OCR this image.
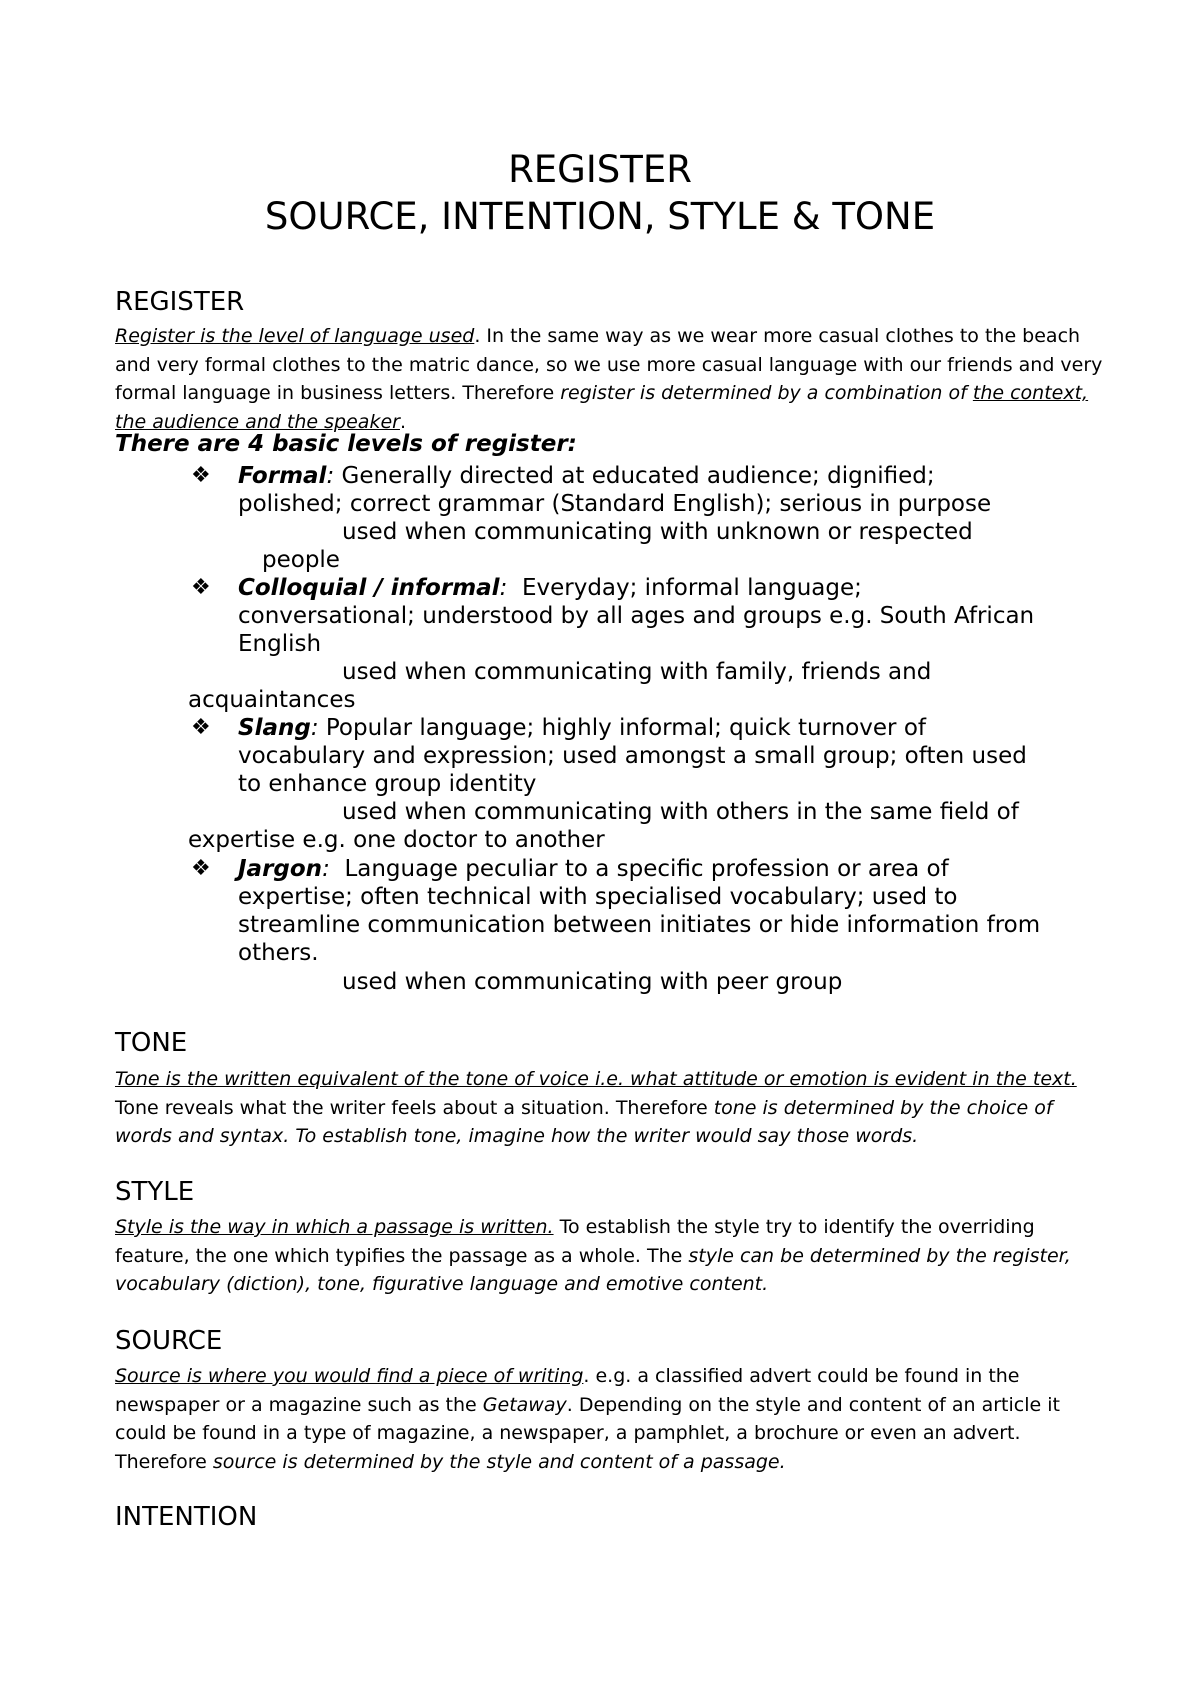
REGISTER
SOURCE, INTENTION, STYLE & TONE
REGISTER
Register is the level of language used. In the same way as we wear more casual clothes to the beach and very formal clothes to the matric dance, so we use more casual language with our friends and very formal language in business letters. Therefore register is determined by a combination of the context, the audience and the speaker.
There are 4 basic levels of register:
❖ Formal: Generally directed at educated audience; dignified;
polished; correct grammar (Standard English); serious in purpose
used when communicating with unknown or respected
people
❖ Colloquial / informal: Everyday; informal language;
conversational; understood by all ages and groups e.g. South African
English
used when communicating with family, friends and
acquaintances
❖ Slang: Popular language; highly informal; quick turnover of
vocabulary and expression; used amongst a small group; often used
to enhance group identity
used when communicating with others in the same field of
expertise e.g. one doctor to another
❖ Jargon: Language peculiar to a specific profession or area of
expertise; often technical with specialised vocabulary; used to
streamline communication between initiates or hide information from
others.
used when communicating with peer group
TONE
Tone is the written equivalent of the tone of voice i.e. what attitude or emotion is evident in the text.
Tone reveals what the writer feels about a situation. Therefore tone is determined by the choice of words and syntax. To establish tone, imagine how the writer would say those words.
STYLE
Style is the way in which a passage is written. To establish the style try to identify the overriding feature, the one which typifies the passage as a whole. The style can be determined by the register, vocabulary (diction), tone, figurative language and emotive content.
SOURCE
Source is where you would find a piece of writing. e.g. a classified advert could be found in the newspaper or a magazine such as the Getaway. Depending on the style and content of an article it could be found in a type of magazine, a newspaper, a pamphlet, a brochure or even an advert. Therefore source is determined by the style and content of a passage.
INTENTION
